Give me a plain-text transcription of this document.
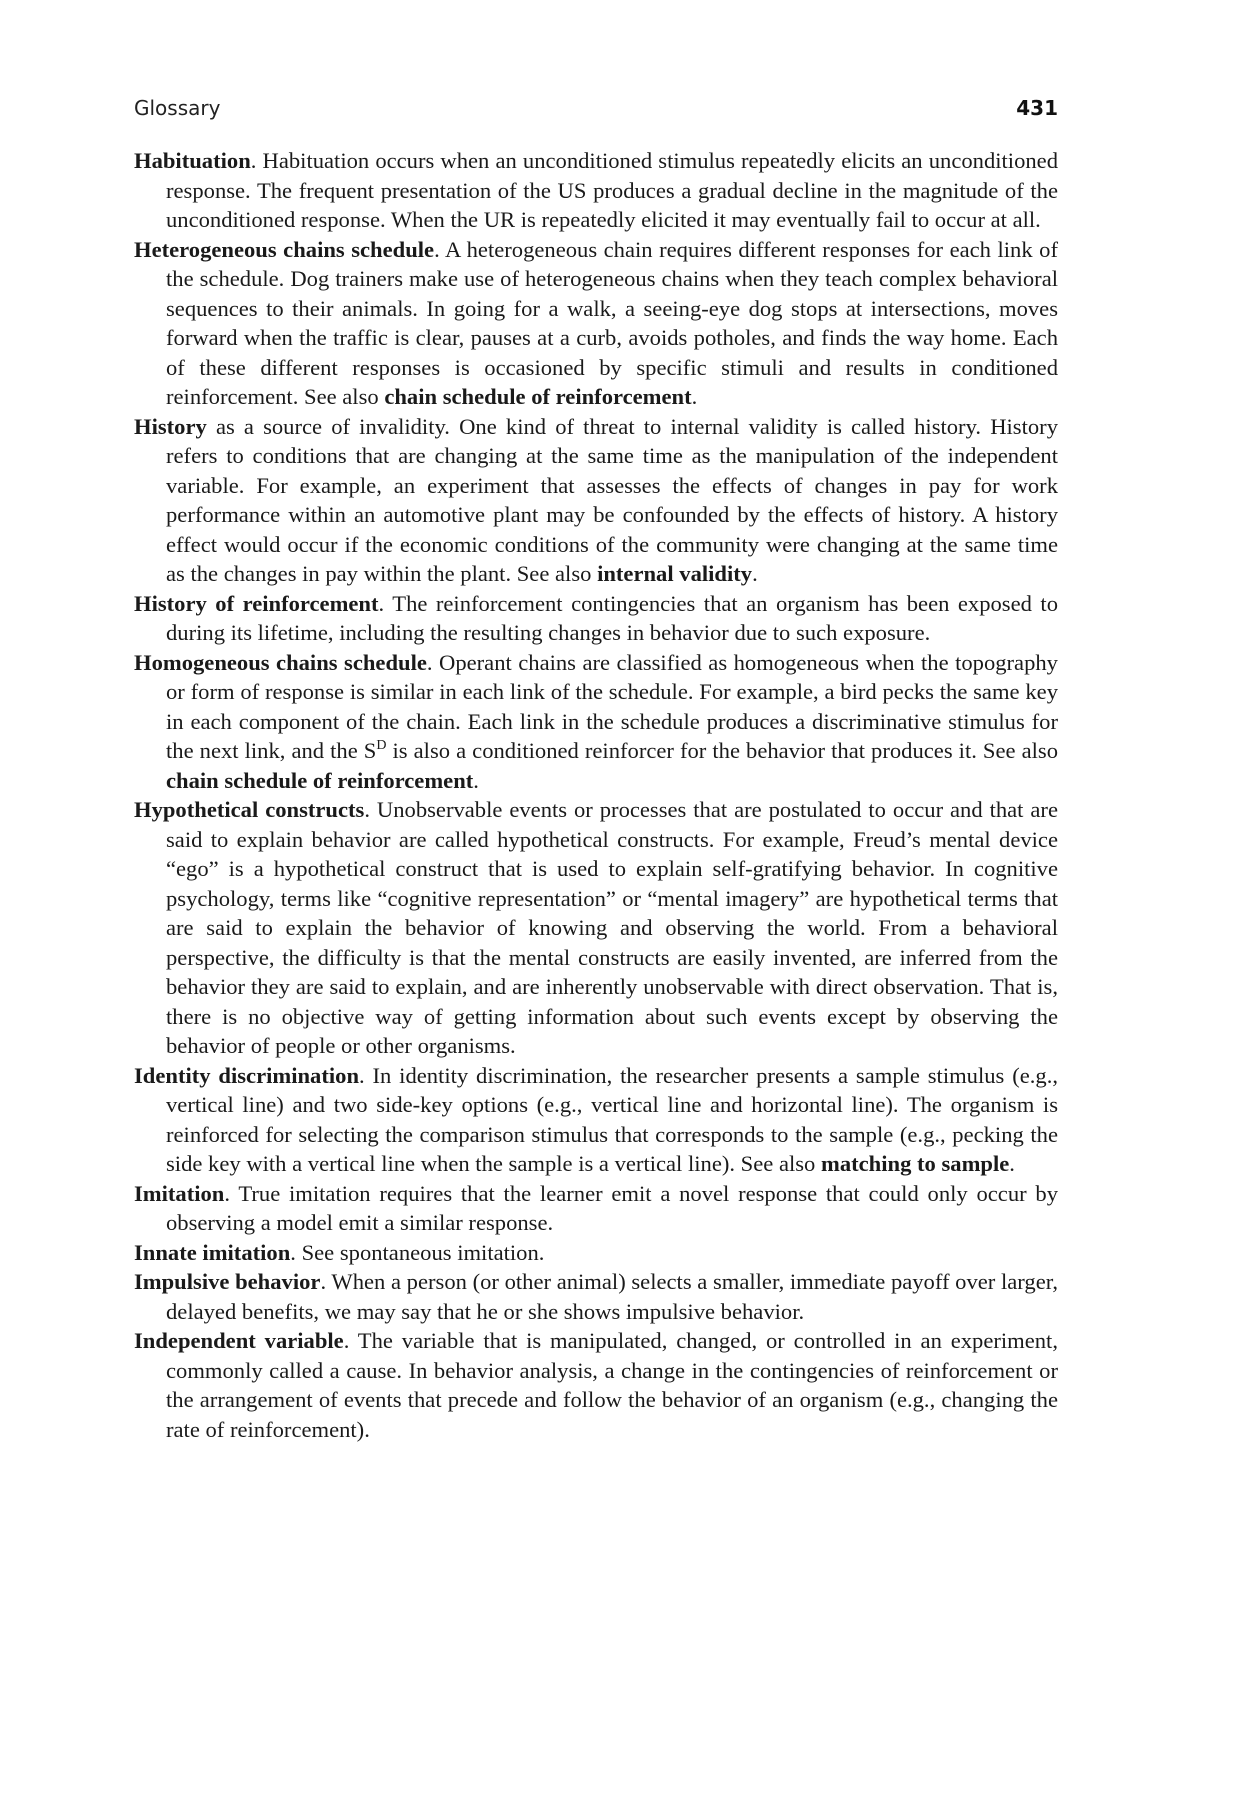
Glossary	431

Habituation. Habituation occurs when an unconditioned stimulus repeatedly elicits an unconditioned response. The frequent presentation of the US produces a gradual decline in the magnitude of the unconditioned response. When the UR is repeatedly elicited it may eventually fail to occur at all.

Heterogeneous chains schedule. A heterogeneous chain requires different responses for each link of the schedule. Dog trainers make use of heterogeneous chains when they teach complex behavioral sequences to their animals. In going for a walk, a seeing-eye dog stops at intersections, moves forward when the traffic is clear, pauses at a curb, avoids potholes, and finds the way home. Each of these different responses is occasioned by specific stimuli and results in conditioned reinforcement. See also chain schedule of reinforcement.

History as a source of invalidity. One kind of threat to internal validity is called history. History refers to conditions that are changing at the same time as the manipulation of the independent variable. For example, an experiment that assesses the effects of changes in pay for work performance within an automotive plant may be confounded by the effects of history. A history effect would occur if the economic conditions of the community were changing at the same time as the changes in pay within the plant. See also internal validity.

History of reinforcement. The reinforcement contingencies that an organism has been exposed to during its lifetime, including the resulting changes in behavior due to such exposure.

Homogeneous chains schedule. Operant chains are classified as homogeneous when the topography or form of response is similar in each link of the schedule. For example, a bird pecks the same key in each component of the chain. Each link in the schedule produces a discriminative stimulus for the next link, and the $S^D$ is also a conditioned reinforcer for the behavior that produces it. See also chain schedule of reinforcement.

Hypothetical constructs. Unobservable events or processes that are postulated to occur and that are said to explain behavior are called hypothetical constructs. For example, Freud’s mental device “ego” is a hypothetical construct that is used to explain self-gratifying behavior. In cognitive psychology, terms like “cognitive representation” or “mental imagery” are hypothetical terms that are said to explain the behavior of knowing and observing the world. From a behavioral perspective, the difficulty is that the mental constructs are easily invented, are inferred from the behavior they are said to explain, and are inherently unobservable with direct observation. That is, there is no objective way of getting information about such events except by observing the behavior of people or other organisms.

Identity discrimination. In identity discrimination, the researcher presents a sample stimulus (e.g., vertical line) and two side-key options (e.g., vertical line and horizontal line). The organism is reinforced for selecting the comparison stimulus that corresponds to the sample (e.g., pecking the side key with a vertical line when the sample is a vertical line). See also matching to sample.

Imitation. True imitation requires that the learner emit a novel response that could only occur by observing a model emit a similar response.

Innate imitation. See spontaneous imitation.

Impulsive behavior. When a person (or other animal) selects a smaller, immediate payoff over larger, delayed benefits, we may say that he or she shows impulsive behavior.

Independent variable. The variable that is manipulated, changed, or controlled in an experiment, commonly called a cause. In behavior analysis, a change in the contingencies of reinforcement or the arrangement of events that precede and follow the behavior of an organism (e.g., changing the rate of reinforcement).
